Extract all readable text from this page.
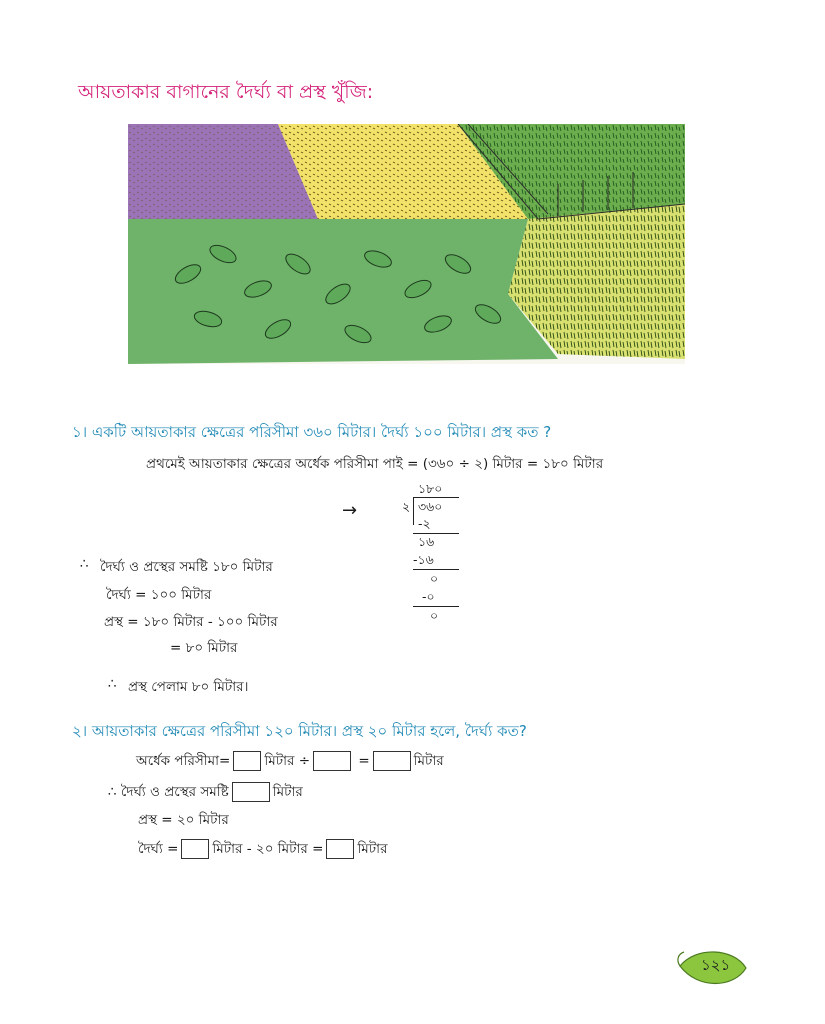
আয়তাকার বাগানের দৈর্ঘ্য বা প্রস্থ খুঁজি:
১। একটি আয়তাকার ক্ষেত্রের পরিসীমা ৩৬০ মিটার। দৈর্ঘ্য ১০০ মিটার। প্রস্থ কত ?
প্রথমেই আয়তাকার ক্ষেত্রের অর্ধেক পরিসীমা পাই = (৩৬০ ÷ ২) মিটার = ১৮০ মিটার
→
১৮০
২ ৩৬০
-২
১৬
-১৬
০
-০
০
∴ দৈর্ঘ্য ও প্রস্থের সমষ্টি ১৮০ মিটার
দৈর্ঘ্য = ১০০ মিটার
প্রস্থ = ১৮০ মিটার - ১০০ মিটার
= ৮০ মিটার
∴ প্রস্থ পেলাম ৮০ মিটার।
২। আয়তাকার ক্ষেত্রের পরিসীমা ১২০ মিটার। প্রস্থ ২০ মিটার হলে, দৈর্ঘ্য কত?
অর্ধেক পরিসীমা=	মিটার ÷	=	মিটার
∴ দৈর্ঘ্য ও প্রস্থের সমষ্টি	মিটার
প্রস্থ = ২০ মিটার
দৈর্ঘ্য =	মিটার - ২০ মিটার =	মিটার
১২১
